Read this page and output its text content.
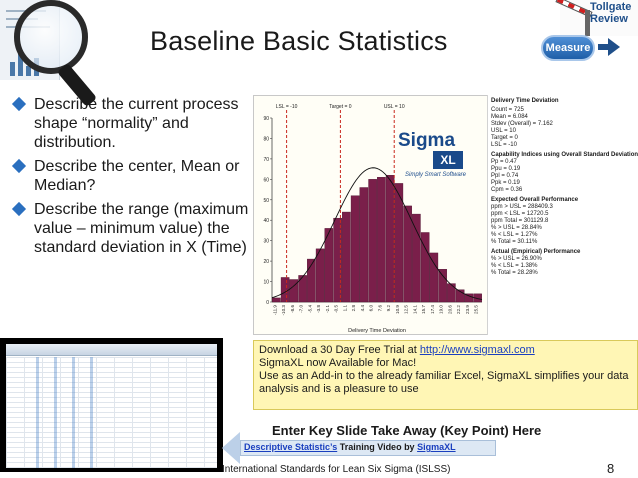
Baseline Basic Statistics
Tollgate Review
Measure
Describe the current process shape “normality” and distribution.
Describe the center, Mean or Median?
Describe the range (maximum value – minimum value) the standard deviation in X (Time)
0
10
20
30
40
50
60
70
80
90
-11.9 -10.3 -8.6 -7.0 -5.4 -3.8 -2.1 -0.5 1.1 2.8 4.4 6.0 7.6 9.2 10.9 12.5 14.1 15.7 17.4 19.0 20.6 22.2 23.9 25.5
Delivery Time Deviation
LSL = -10	Target = 0	USL = 10
Sigma
XL
Simply Smart Software
Delivery Time Deviation
Count = 725
Mean = 6.084
Stdev (Overall) = 7.162
USL = 10
Target = 0
LSL = -10
Capability Indices using Overall Standard Deviation
Pp = 0.47
Ppu = 0.19
Ppl = 0.74
Ppk = 0.19
Cpm = 0.36
Expected Overall Performance
ppm > USL = 288409.3
ppm < LSL = 12720.5
ppm Total = 301129.8
% > USL = 28.84%
% < LSL = 1.27%
% Total = 30.11%
Actual (Empirical) Performance
% > USL = 26.90%
% < LSL = 1.38%
% Total = 28.28%
Download a 30 Day Free Trial at http://www.sigmaxl.com
SigmaXL now Available for Mac!
Use as an Add-in to the already familiar Excel, SigmaXL simplifies your data analysis and is a pleasure to use
Enter Key Slide Take Away (Key Point) Here
Descriptive Statistic’s Training Video by SigmaXL
International Standards for Lean Six Sigma (ISLSS)	8
